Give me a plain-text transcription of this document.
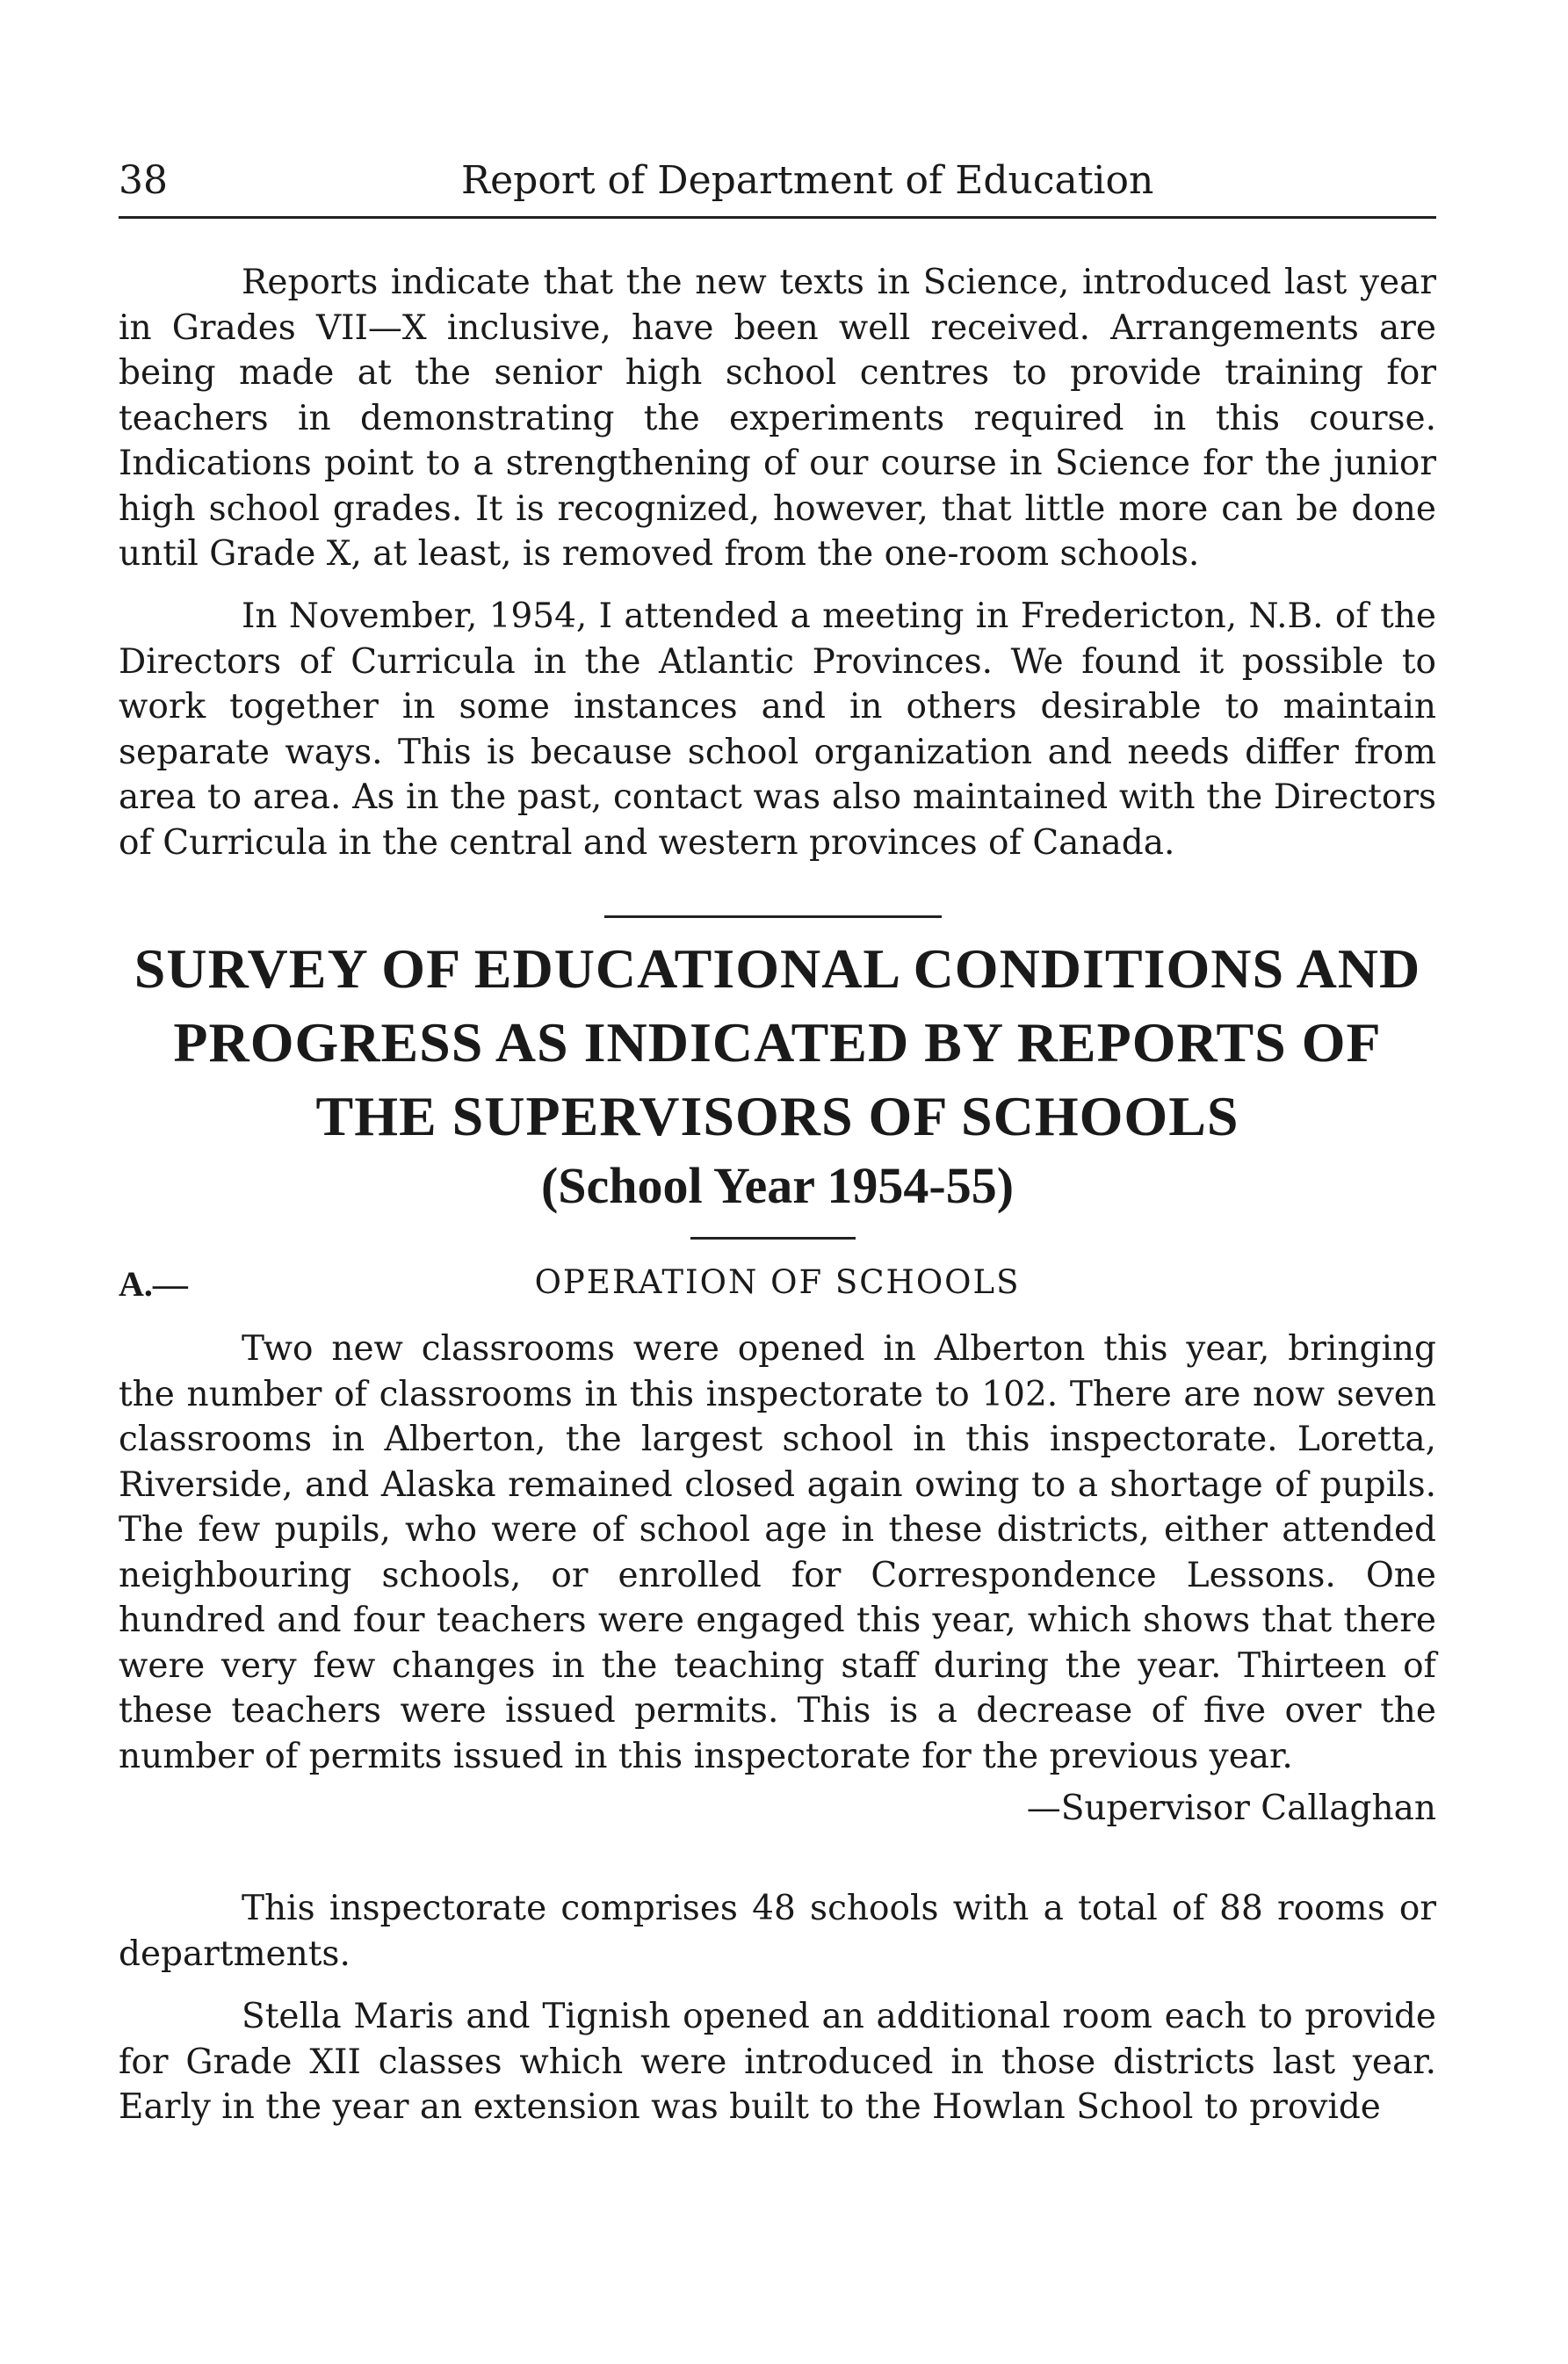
38	Report of Department of Education

Reports indicate that the new texts in Science, introduced last year in Grades VII—X inclusive, have been well received. Arrangements are being made at the senior high school centres to provide training for teachers in demonstrating the experiments required in this course. Indications point to a strengthening of our course in Science for the junior high school grades. It is recognized, however, that little more can be done until Grade X, at least, is removed from the one-room schools.

In November, 1954, I attended a meeting in Fredericton, N.B. of the Directors of Curricula in the Atlantic Provinces. We found it possible to work together in some instances and in others desirable to maintain separate ways. This is because school organization and needs differ from area to area. As in the past, contact was also maintained with the Directors of Curricula in the central and western provinces of Canada.

SURVEY OF EDUCATIONAL CONDITIONS AND PROGRESS AS INDICATED BY REPORTS OF THE SUPERVISORS OF SCHOOLS
(School Year 1954-55)
A.—	OPERATION OF SCHOOLS

Two new classrooms were opened in Alberton this year, bringing the number of classrooms in this inspectorate to 102. There are now seven classrooms in Alberton, the largest school in this inspectorate. Loretta, Riverside, and Alaska remained closed again owing to a shortage of pupils. The few pupils, who were of school age in these districts, either attended neighbouring schools, or enrolled for Correspondence Lessons. One hundred and four teachers were engaged this year, which shows that there were very few changes in the teaching staff during the year. Thirteen of these teachers were issued permits. This is a decrease of five over the number of permits issued in this inspectorate for the previous year.

—Supervisor Callaghan

This inspectorate comprises 48 schools with a total of 88 rooms or departments.

Stella Maris and Tignish opened an additional room each to provide for Grade XII classes which were introduced in those districts last year. Early in the year an extension was built to the Howlan School to provide
